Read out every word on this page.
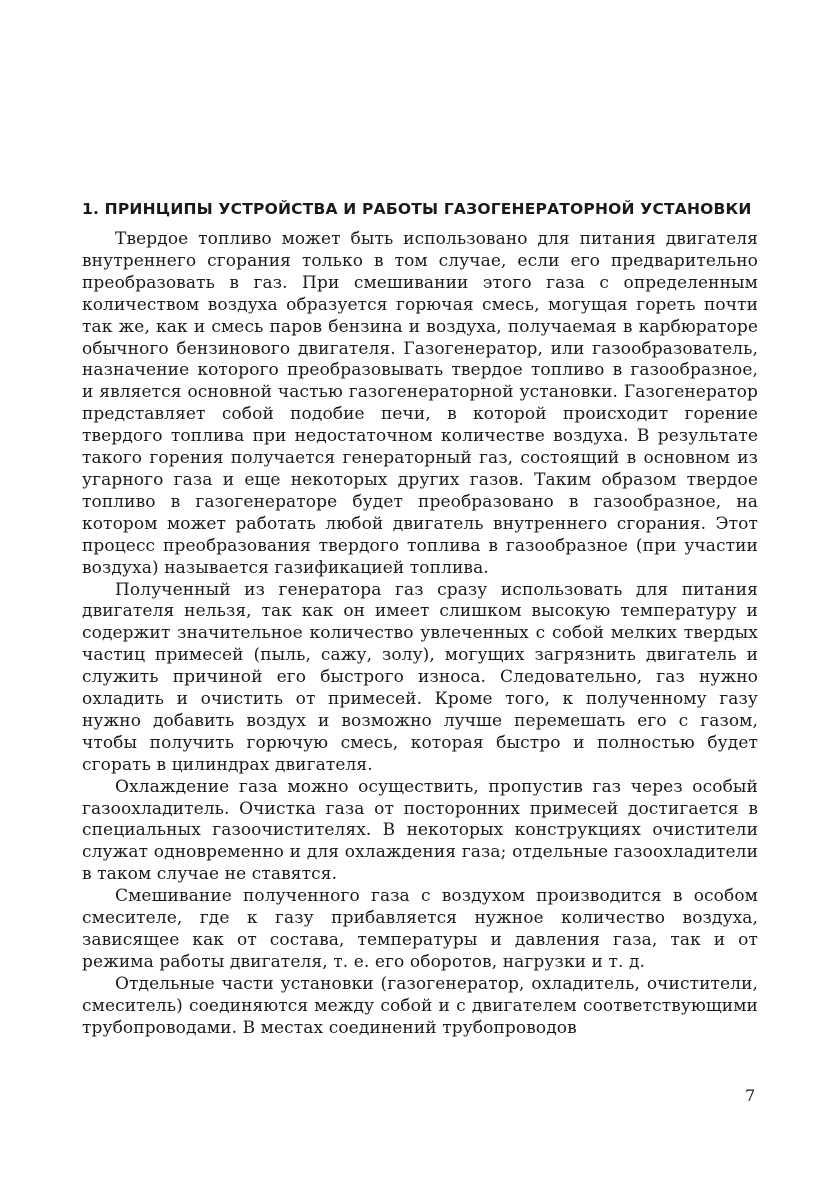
1. ПРИНЦИПЫ УСТРОЙСТВА И РАБОТЫ ГАЗОГЕНЕРАТОРНОЙ УСТАНОВКИ

Твердое топливо может быть использовано для питания двигателя внутреннего сгорания только в том случае, если его предварительно преобразовать в газ. При смешивании этого газа с определенным количеством воздуха образуется горючая смесь, могущая гореть почти так же, как и смесь паров бензина и воздуха, получаемая в карбюраторе обычного бензинового двигателя. Газогенератор, или газообразователь, назначение которого преобразовывать твердое топливо в газообразное, и является основной частью газогенераторной установки. Газогенератор представляет собой подобие печи, в которой происходит горение твердого топлива при недостаточном количестве воздуха. В результате такого горения получается генераторный газ, состоящий в основном из угарного газа и еще некоторых других газов. Таким образом твердое топливо в газогенераторе будет преобразовано в газообразное, на котором может работать любой двигатель внутреннего сгорания. Этот процесс преобразования твердого топлива в газообразное (при участии воздуха) называется газификацией топлива.

Полученный из генератора газ сразу использовать для питания двигателя нельзя, так как он имеет слишком высокую температуру и содержит значительное количество увлеченных с собой мелких твердых частиц примесей (пыль, сажу, золу), могущих загрязнить двигатель и служить причиной его быстрого износа. Следовательно, газ нужно охладить и очистить от примесей. Кроме того, к полученному газу нужно добавить воздух и возможно лучше перемешать его с газом, чтобы получить горючую смесь, которая быстро и полностью будет сгорать в цилиндрах двигателя.

Охлаждение газа можно осуществить, пропустив газ через особый газоохладитель. Очистка газа от посторонних примесей достигается в специальных газоочистителях. В некоторых конструкциях очистители служат одновременно и для охлаждения газа; отдельные газоохладители в таком случае не ставятся.

Смешивание полученного газа с воздухом производится в особом смесителе, где к газу прибавляется нужное количество воздуха, зависящее как от состава, температуры и давления газа, так и от режима работы двигателя, т. е. его оборотов, нагрузки и т. д.

Отдельные части установки (газогенератор, охладитель, очистители, смеситель) соединяются между собой и с двигателем соответствующими трубопроводами. В местах соединений трубопроводов

7
